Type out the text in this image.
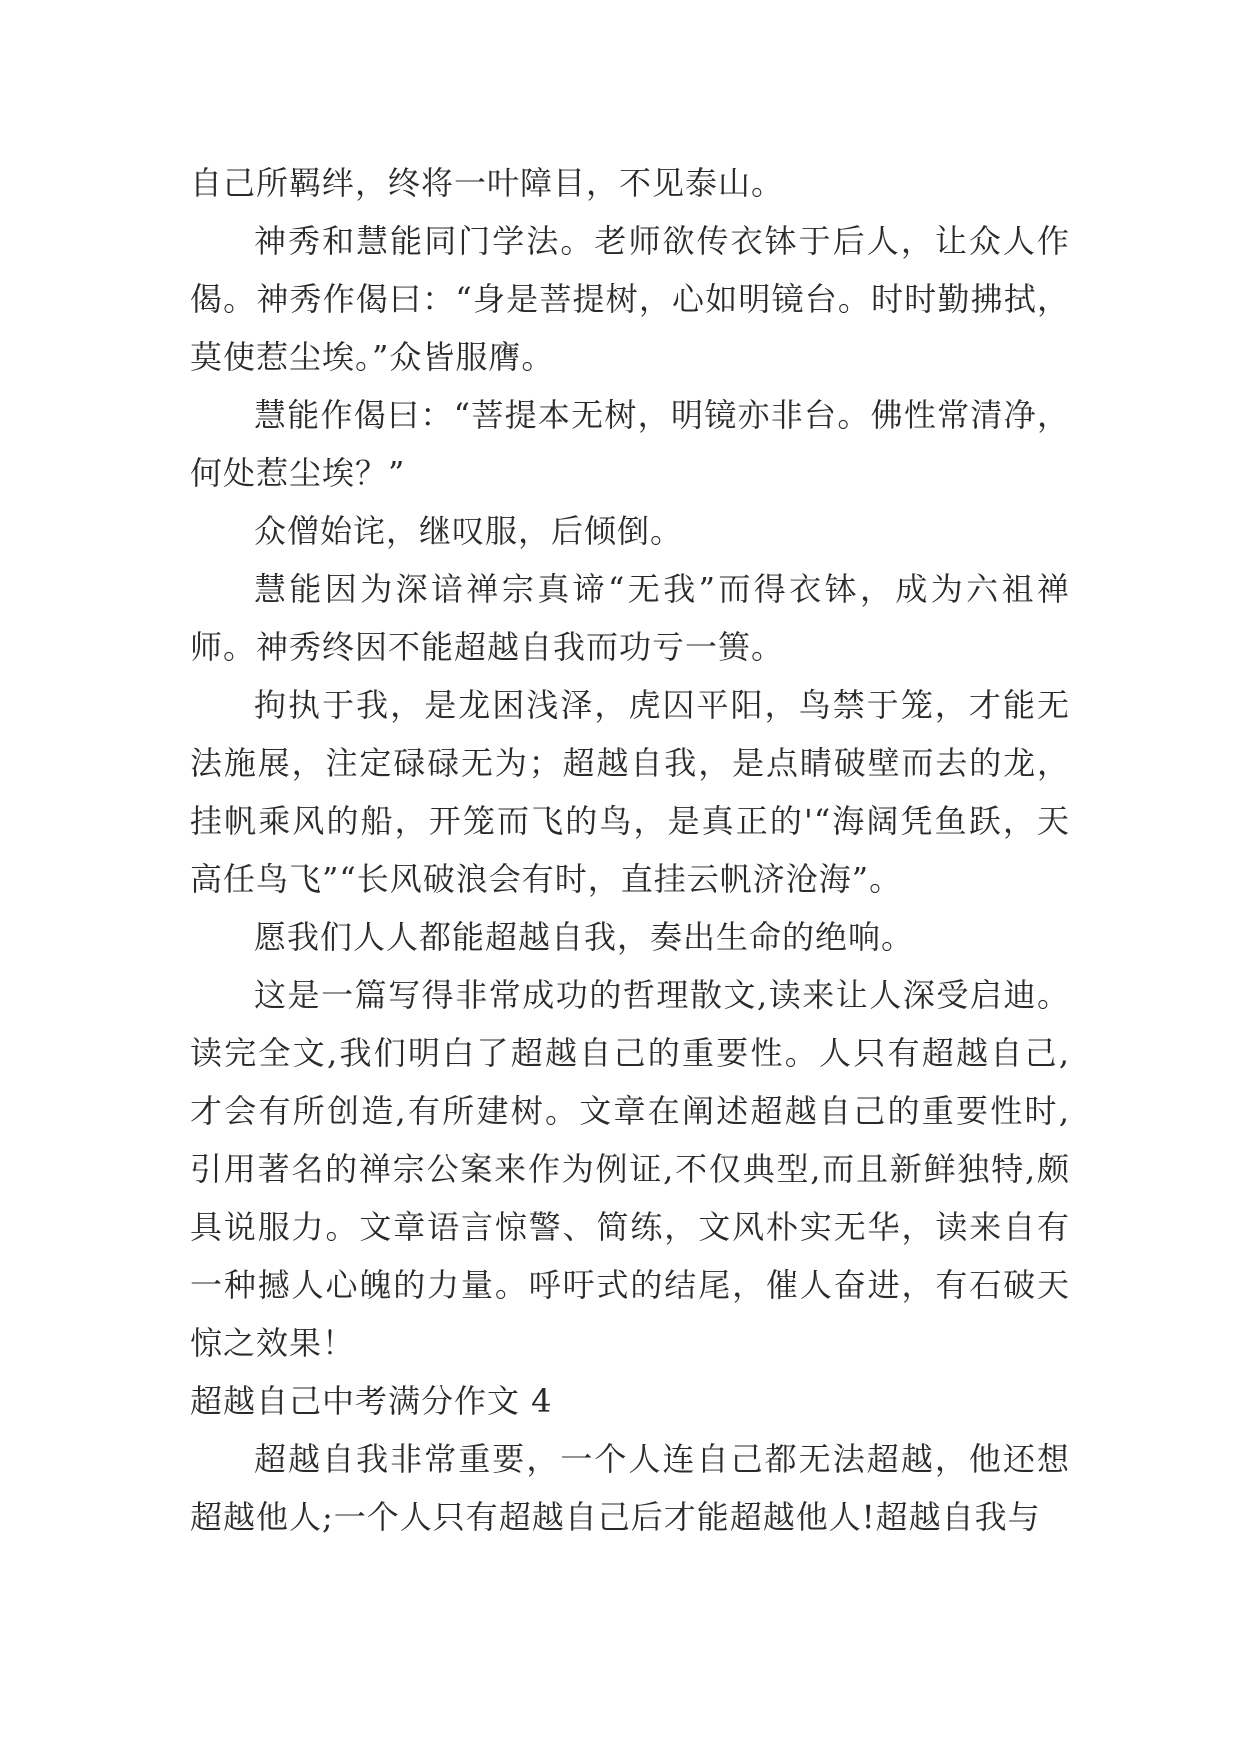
自己所羁绊，终将一叶障目，不见泰山。

神秀和慧能同门学法。老师欲传衣钵于后人，让众人作偈。神秀作偈曰：“身是菩提树，心如明镜台。时时勤拂拭，莫使惹尘埃。”众皆服膺。

慧能作偈曰：“菩提本无树，明镜亦非台。佛性常清净，何处惹尘埃？”

众僧始诧，继叹服，后倾倒。

慧能因为深谙禅宗真谛“无我”而得衣钵，成为六祖禅师。神秀终因不能超越自我而功亏一篑。

拘执于我，是龙困浅泽，虎囚平阳，鸟禁于笼，才能无法施展，注定碌碌无为；超越自我，是点睛破壁而去的龙，挂帆乘风的船，开笼而飞的鸟，是真正的'“海阔凭鱼跃，天高任鸟飞”“长风破浪会有时，直挂云帆济沧海”。

愿我们人人都能超越自我，奏出生命的绝响。

这是一篇写得非常成功的哲理散文,读来让人深受启迪。读完全文,我们明白了超越自己的重要性。人只有超越自己,才会有所创造,有所建树。文章在阐述超越自己的重要性时,引用著名的禅宗公案来作为例证,不仅典型,而且新鲜独特,颇具说服力。文章语言惊警、简练，文风朴实无华，读来自有一种撼人心魄的力量。呼吁式的结尾，催人奋进，有石破天惊之效果！

超越自己中考满分作文 4

超越自我非常重要，一个人连自己都无法超越，他还想超越他人;一个人只有超越自己后才能超越他人!超越自我与
